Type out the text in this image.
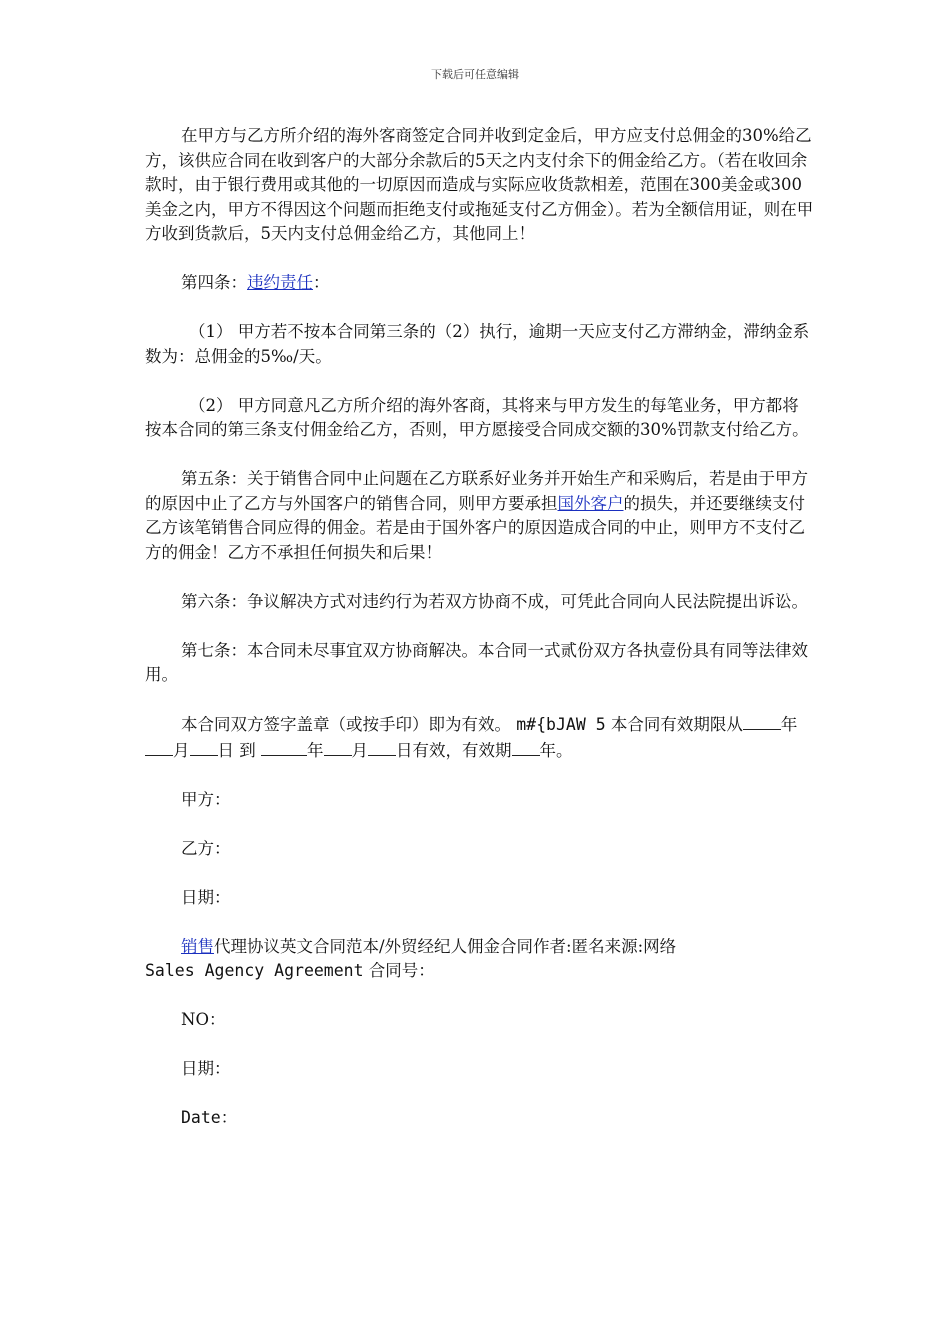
下载后可任意编辑

在甲方与乙方所介绍的海外客商签定合同并收到定金后，甲方应支付总佣金的30%给乙方，该供应合同在收到客户的大部分余款后的5天之内支付余下的佣金给乙方。（若在收回余款时，由于银行费用或其他的一切原因而造成与实际应收货款相差，范围在300美金或300美金之内，甲方不得因这个问题而拒绝支付或拖延支付乙方佣金）。若为全额信用证，则在甲方收到货款后，5天内支付总佣金给乙方，其他同上！

第四条：违约责任：

（1） 甲方若不按本合同第三条的（2）执行，逾期一天应支付乙方滞纳金，滞纳金系数为：总佣金的5‰/天。

（2） 甲方同意凡乙方所介绍的海外客商，其将来与甲方发生的每笔业务，甲方都将按本合同的第三条支付佣金给乙方，否则，甲方愿接受合同成交额的30%罚款支付给乙方。

第五条：关于销售合同中止问题在乙方联系好业务并开始生产和采购后，若是由于甲方的原因中止了乙方与外国客户的销售合同，则甲方要承担国外客户的损失，并还要继续支付乙方该笔销售合同应得的佣金。若是由于国外客户的原因造成合同的中止，则甲方不支付乙方的佣金！乙方不承担任何损失和后果！

第六条：争议解决方式对违约行为若双方协商不成，可凭此合同向人民法院提出诉讼。

第七条：本合同未尽事宜双方协商解决。本合同一式贰份双方各执壹份具有同等法律效用。

本合同双方签字盖章（或按手印）即为有效。 m#{bJAW 5 本合同有效期限从 年月 日 到	年 月 日有效，有效期 年。

甲方：

乙方：

日期：

销售代理协议英文合同范本/外贸经纪人佣金合同作者:匿名来源:网络
Sales Agency Agreement 合同号：

NO：

日期：

Date：
